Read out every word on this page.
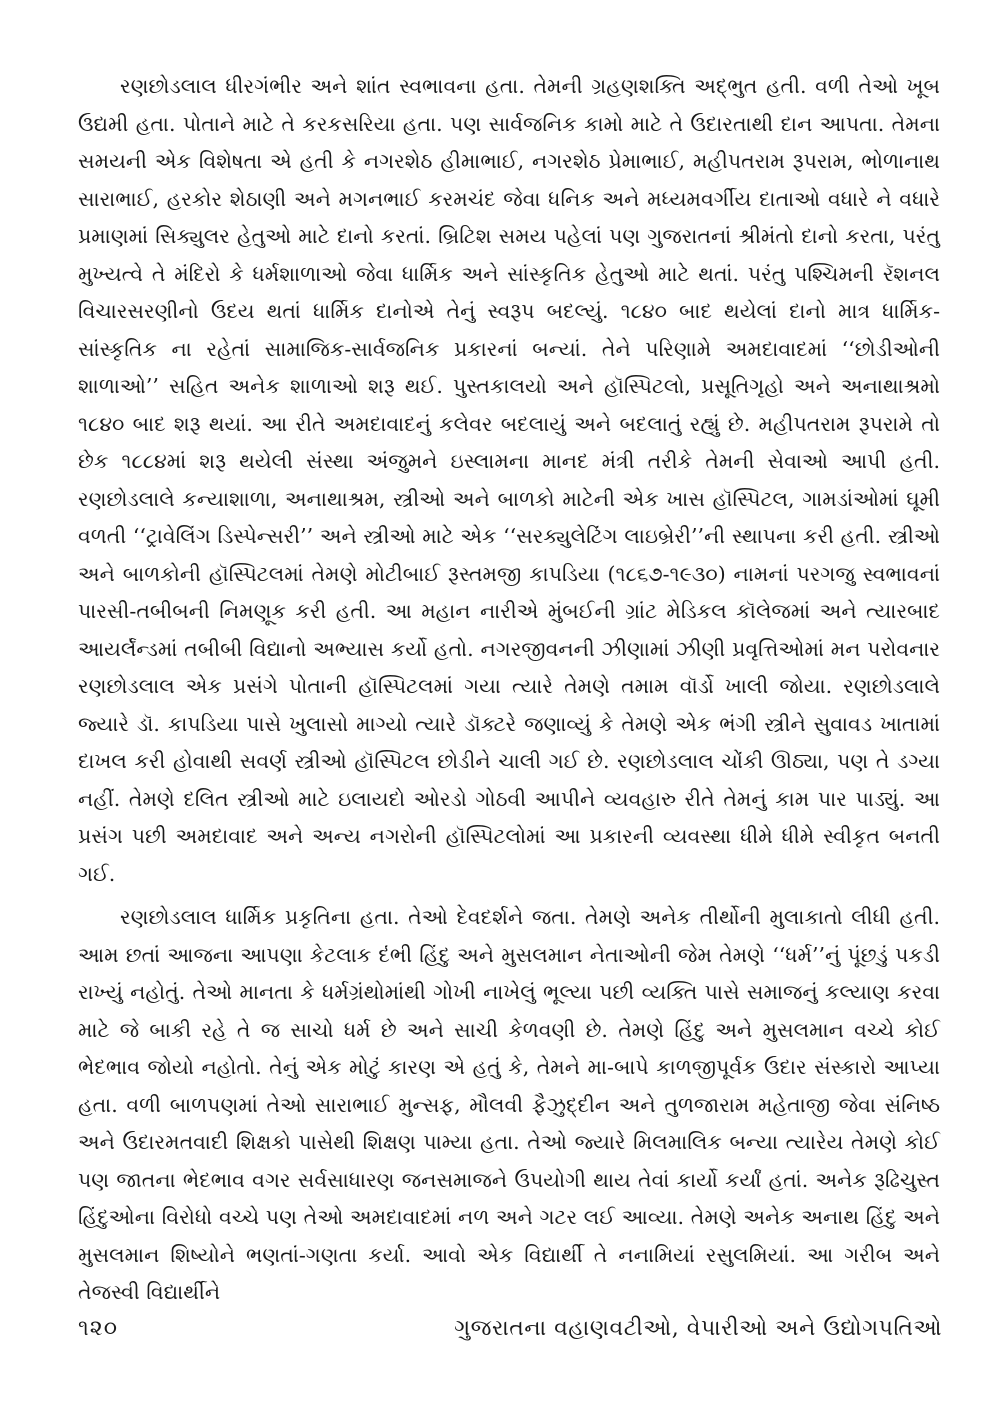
રણછોડલાલ ધીરગંભીર અને શાંત સ્વભાવના હતા. તેમની ગ્રહણશક્તિ અદ્‌ભુત હતી. વળી તેઓ ખૂબ ઉદ્યમી હતા. પોતાને માટે તે કરકસરિયા હતા. પણ સાર્વજનિક કામો માટે તે ઉદારતાથી દાન આપતા. તેમના સમયની એક વિશેષતા એ હતી કે નગરશેઠ હીમાભાઈ, નગરશેઠ પ્રેમાભાઈ, મહીપતરામ રૂપરામ, ભોળાનાથ સારાભાઈ, હરકોર શેઠાણી અને મગનભાઈ કરમચંદ જેવા ધનિક અને મધ્યમવર્ગીય દાતાઓ વધારે ને વધારે પ્રમાણમાં સિક્યુલર હેતુઓ માટે દાનો કરતાં. બ્રિટિશ સમય પહેલાં પણ ગુજરાતનાં શ્રીમંતો દાનો કરતા, પરંતુ મુખ્યત્વે તે મંદિરો કે ધર્મશાળાઓ જેવા ધાર્મિક અને સાંસ્કૃતિક હેતુઓ માટે થતાં. પરંતુ પશ્ચિમની રૅશનલ વિચારસરણીનો ઉદય થતાં ધાર્મિક દાનોએ તેનું સ્વરૂપ બદલ્યું. ૧૮૪૦ બાદ થયેલાં દાનો માત્ર ધાર્મિક-સાંસ્કૃતિક ના રહેતાં સામાજિક-સાર્વજનિક પ્રકારનાં બન્યાં. તેને પરિણામે અમદાવાદમાં ‘‘છોડીઓની શાળાઓ’’ સહિત અનેક શાળાઓ શરૂ થઈ. પુસ્તકાલયો અને હૉસ્પિટલો, પ્રસૂતિગૃહો અને અનાથાશ્રમો ૧૮૪૦ બાદ શરૂ થયાં. આ રીતે અમદાવાદનું કલેવર બદલાયું અને બદલાતું રહ્યું છે. મહીપતરામ રૂપરામે તો છેક ૧૮૮૪માં શરૂ થયેલી સંસ્થા અંજુમને ઇસ્લામના માનદ મંત્રી તરીકે તેમની સેવાઓ આપી હતી. રણછોડલાલે કન્યાશાળા, અનાથાશ્રમ, સ્ત્રીઓ અને બાળકો માટેની એક ખાસ હૉસ્પિટલ, ગામડાંઓમાં ઘૂમી વળતી ‘‘ટ્રાવેલિંગ ડિસ્પેન્સરી’’ અને સ્ત્રીઓ માટે એક ‘‘સરક્યુલેટિંગ લાઇબ્રેરી’’ની સ્થાપના કરી હતી. સ્ત્રીઓ અને બાળકોની હૉસ્પિટલમાં તેમણે મોટીબાઈ રૂસ્તમજી કાપડિયા (૧૮૬૭-૧૯૩૦) નામનાં પરગજુ સ્વભાવનાં પારસી-તબીબની નિમણૂક કરી હતી. આ મહાન નારીએ મુંબઈની ગ્રાંટ મેડિકલ કૉલેજમાં અને ત્યારબાદ આયર્લૅન્ડમાં તબીબી વિદ્યાનો અભ્યાસ કર્યો હતો. નગરજીવનની ઝીણામાં ઝીણી પ્રવૃત્તિઓમાં મન પરોવનાર રણછોડલાલ એક પ્રસંગે પોતાની હૉસ્પિટલમાં ગયા ત્યારે તેમણે તમામ વૉર્ડો ખાલી જોયા. રણછોડલાલે જ્યારે ડૉ. કાપડિયા પાસે ખુલાસો માગ્યો ત્યારે ડૉક્ટરે જણાવ્યું કે તેમણે એક ભંગી સ્ત્રીને સુવાવડ ખાતામાં દાખલ કરી હોવાથી સવર્ણ સ્ત્રીઓ હૉસ્પિટલ છોડીને ચાલી ગઈ છે. રણછોડલાલ ચોંકી ઊઠ્યા, પણ તે ડગ્યા નહીં. તેમણે દલિત સ્ત્રીઓ માટે ઇલાયદો ઓરડો ગોઠવી આપીને વ્યવહારુ રીતે તેમનું કામ પાર પાડ્યું. આ પ્રસંગ પછી અમદાવાદ અને અન્ય નગરોની હૉસ્પિટલોમાં આ પ્રકારની વ્યવસ્થા ધીમે ધીમે સ્વીકૃત બનતી ગઈ.

રણછોડલાલ ધાર્મિક પ્રકૃતિના હતા. તેઓ દેવદર્શને જતા. તેમણે અનેક તીર્થોની મુલાકાતો લીધી હતી. આમ છતાં આજના આપણા કેટલાક દંભી હિંદુ અને મુસલમાન નેતાઓની જેમ તેમણે ‘‘ધર્મ’’નું પૂંછડું પકડી રાખ્યું નહોતું. તેઓ માનતા કે ધર્મગ્રંથોમાંથી ગોખી નાખેલું ભૂલ્યા પછી વ્યક્તિ પાસે સમાજનું કલ્યાણ કરવા માટે જે બાકી રહે તે જ સાચો ધર્મ છે અને સાચી કેળવણી છે. તેમણે હિંદુ અને મુસલમાન વચ્ચે કોઈ ભેદભાવ જોયો નહોતો. તેનું એક મોટું કારણ એ હતું કે, તેમને મા-બાપે કાળજીપૂર્વક ઉદાર સંસ્કારો આપ્યા હતા. વળી બાળપણમાં તેઓ સારાભાઈ મુન્સફ, મૌલવી ફૈઝુદ્દીન અને તુળજારામ મહેતાજી જેવા સંનિષ્ઠ અને ઉદારમતવાદી શિક્ષકો પાસેથી શિક્ષણ પામ્યા હતા. તેઓ જ્યારે મિલમાલિક બન્યા ત્યારેય તેમણે કોઈ પણ જાતના ભેદભાવ વગર સર્વસાધારણ જનસમાજને ઉપયોગી થાય તેવાં કાર્યો કર્યાં હતાં. અનેક રૂઢિચુસ્ત હિંદુઓના વિરોધો વચ્ચે પણ તેઓ અમદાવાદમાં નળ અને ગટર લઈ આવ્યા. તેમણે અનેક અનાથ હિંદુ અને મુસલમાન શિષ્યોને ભણતાં-ગણતા કર્યા. આવો એક વિદ્યાર્થી તે નનામિયાં રસુલમિયાં. આ ગરીબ અને તેજસ્વી વિદ્યાર્થીને

૧૨૦	ગુજરાતના વહાણવટીઓ, વેપારીઓ અને ઉદ્યોગપતિઓ
